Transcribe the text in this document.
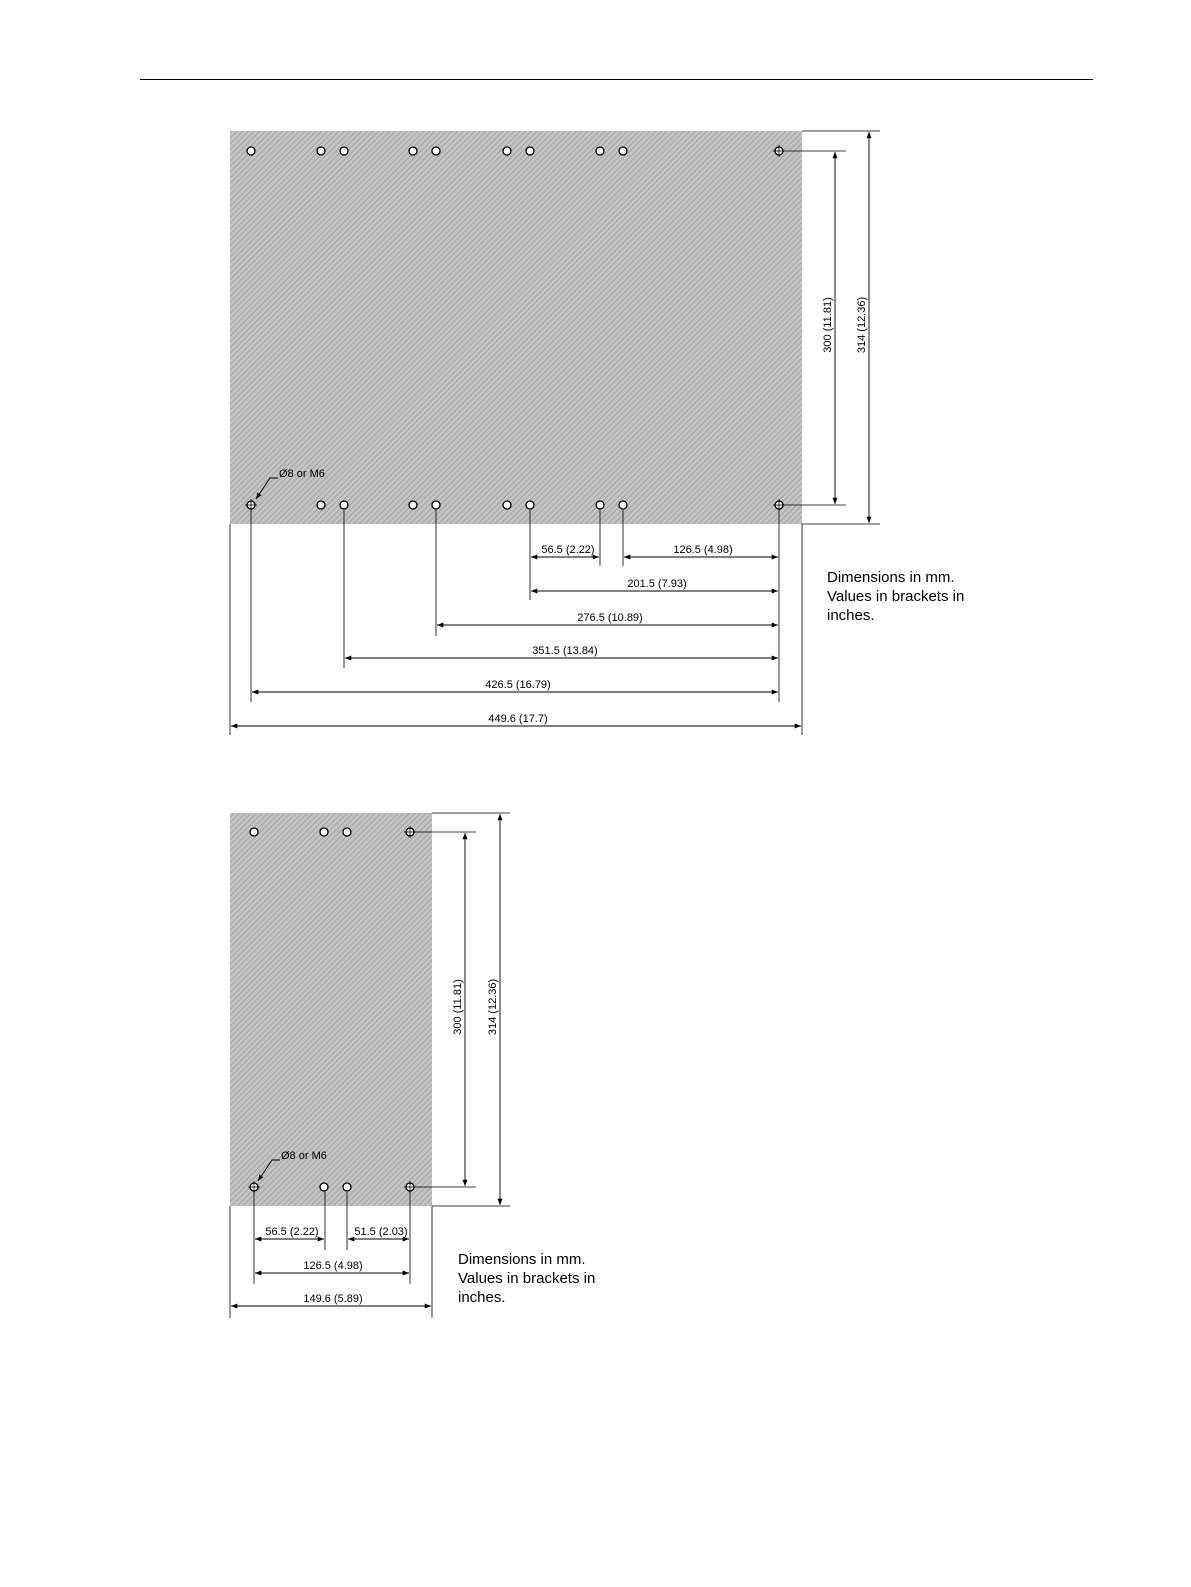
Ø8 or M6
56.5 (2.22)	126.5 (4.98)
201.5 (7.93)
276.5 (10.89)
351.5 (13.84)
426.5 (16.79)
449.6 (17.7)
300 (11.81) 314 (12.36)
Ø8 or M6
56.5 (2.22)	51.5 (2.03)
126.5 (4.98)
149.6 (5.89)
300 (11.81) 314 (12.36)
Dimensions in mm.
Values in brackets in
inches.
Dimensions in mm.
Values in brackets in
inches.
